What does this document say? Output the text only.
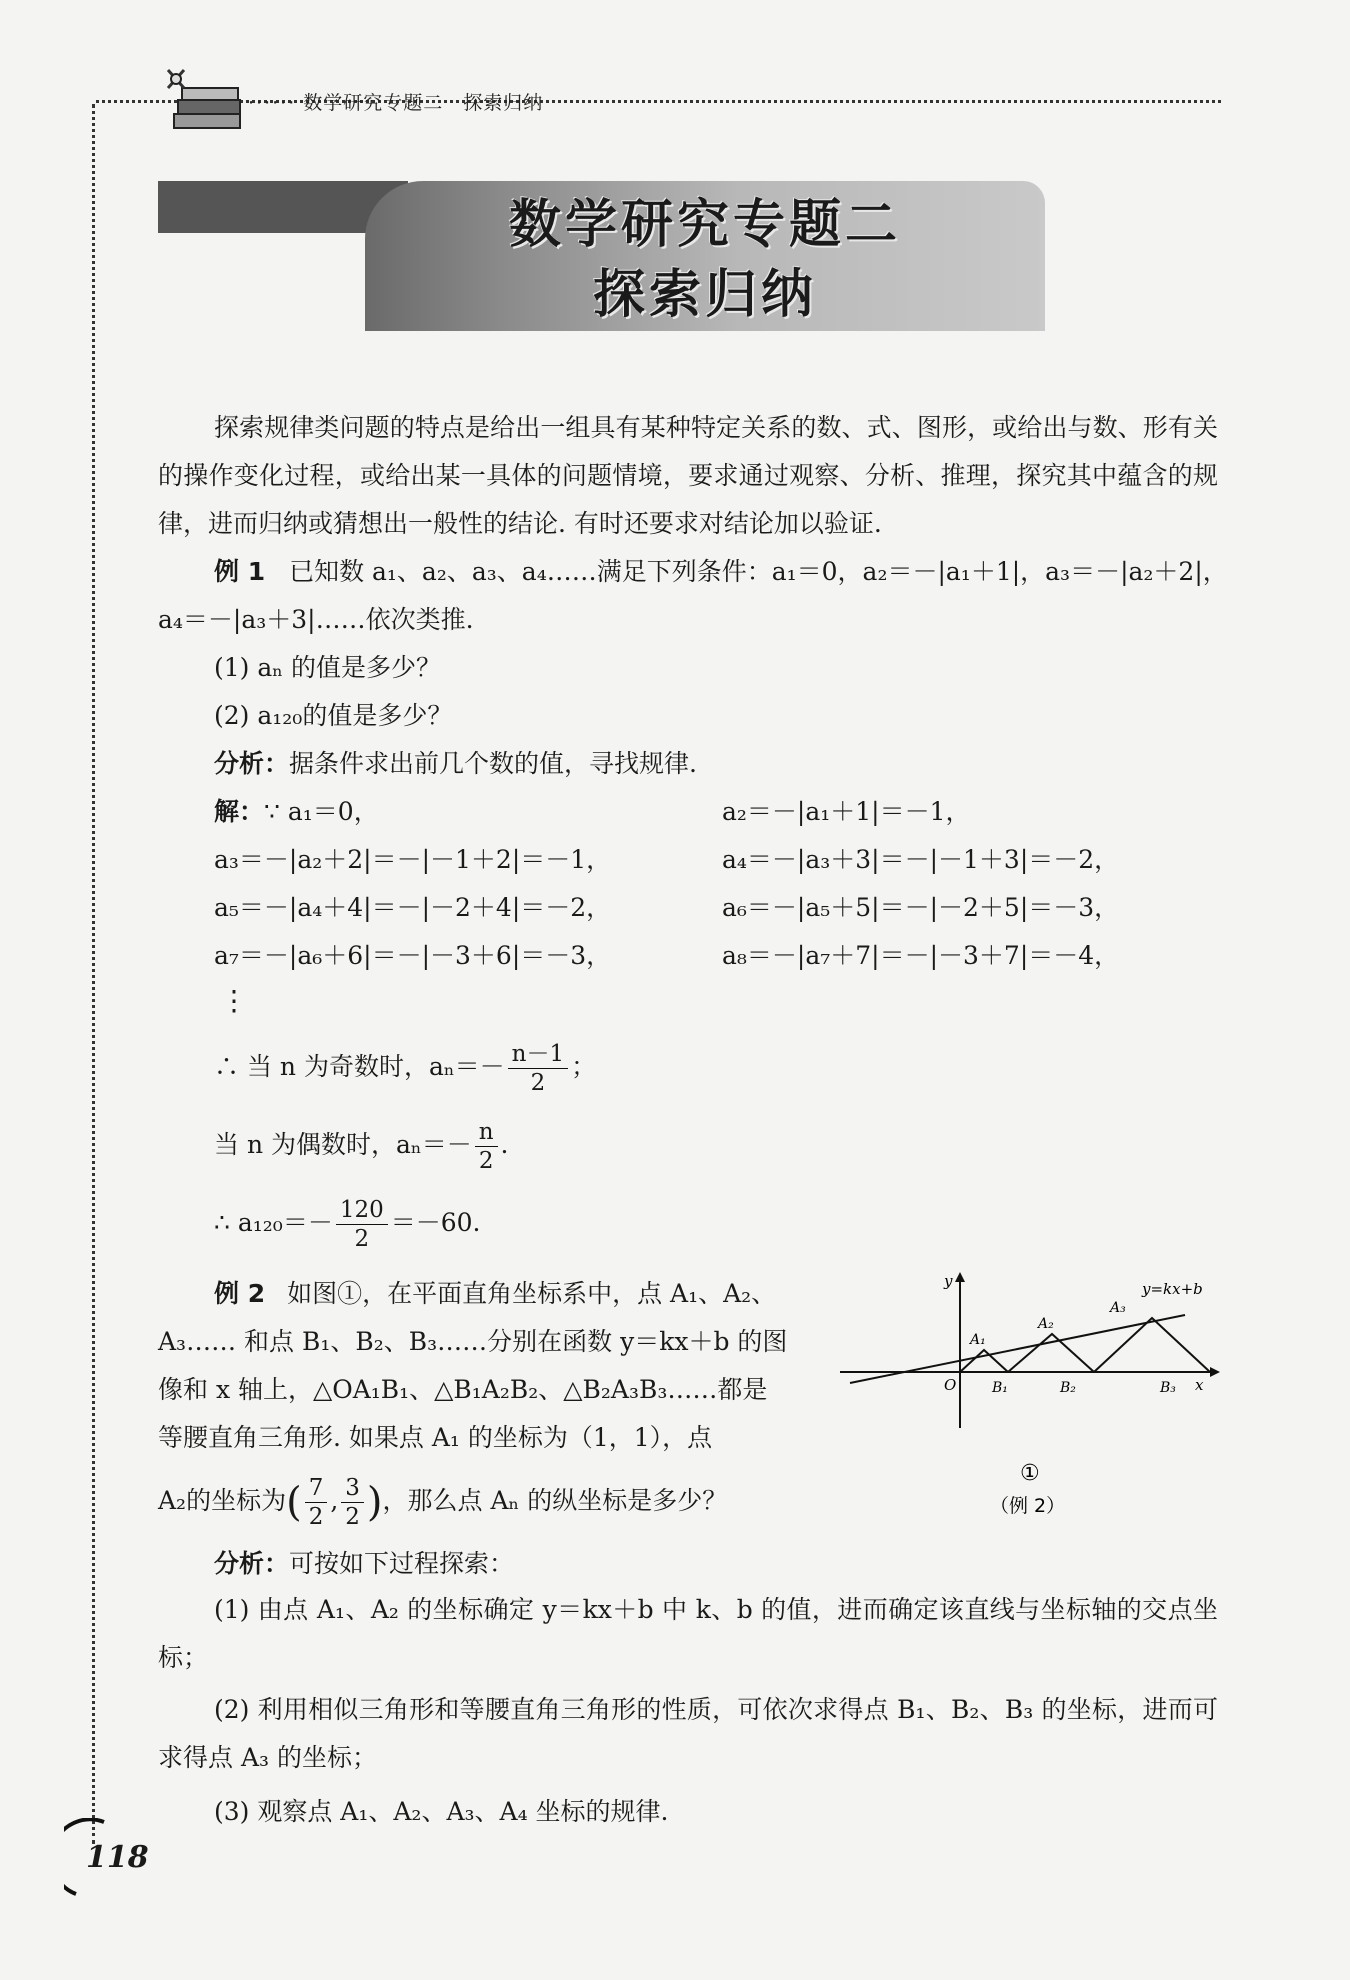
······ 数学研究专题二　探索归纳
数学研究专题二
探索归纳
探索规律类问题的特点是给出一组具有某种特定关系的数、式、图形，或给出与数、形有关的操作变化过程，或给出某一具体的问题情境，要求通过观察、分析、推理，探究其中蕴含的规律，进而归纳或猜想出一般性的结论. 有时还要求对结论加以验证.
例 1 已知数 a₁、a₂、a₃、a₄……满足下列条件：a₁＝0，a₂＝－|a₁＋1|，a₃＝－|a₂＋2|，
a₄＝－|a₃＋3|……依次类推.
(1) aₙ 的值是多少？
(2) a₁₂₀的值是多少？
分析：据条件求出前几个数的值，寻找规律.
解：∵ a₁＝0，	a₂＝－|a₁＋1|＝－1，
a₃＝－|a₂＋2|＝－|－1＋2|＝－1，	a₄＝－|a₃＋3|＝－|－1＋3|＝－2，
a₅＝－|a₄＋4|＝－|－2＋4|＝－2，	a₆＝－|a₅＋5|＝－|－2＋5|＝－3，
a₇＝－|a₆＋6|＝－|－3＋6|＝－3，	a₈＝－|a₇＋7|＝－|－3＋7|＝－4，
⋮
∴ 当 n 为奇数时，$a_n=- \frac{n-1}{2}$ ；
当 n 为偶数时，$a_n=- \frac{n}{2}$ .
∴ $a_{120}=- \frac{120}{2} =-60$.
例 2 如图①，在平面直角坐标系中，点 A₁、A₂、
A₃…… 和点 B₁、B₂、B₃……分别在函数 y＝kx＋b 的图
像和 x 轴上，△OA₁B₁、△B₁A₂B₂、△B₂A₃B₃……都是
等腰直角三角形. 如果点 A₁ 的坐标为（1，1），点
A₂的坐标为( $\frac{7}{2}$ , $\frac{3}{2}$ )，那么点 Aₙ 的纵坐标是多少？
y
x
O
y=kx+b
A₁
A₂
A₃
B₁	B₂	B₃
①
（例 2）
分析：可按如下过程探索：
(1) 由点 A₁、A₂ 的坐标确定 y＝kx＋b 中 k、b 的值，进而确定该直线与坐标轴的交点坐标；
(2) 利用相似三角形和等腰直角三角形的性质，可依次求得点 B₁、B₂、B₃ 的坐标，进而可求得点 A₃ 的坐标；
(3) 观察点 A₁、A₂、A₃、A₄ 坐标的规律.
118
